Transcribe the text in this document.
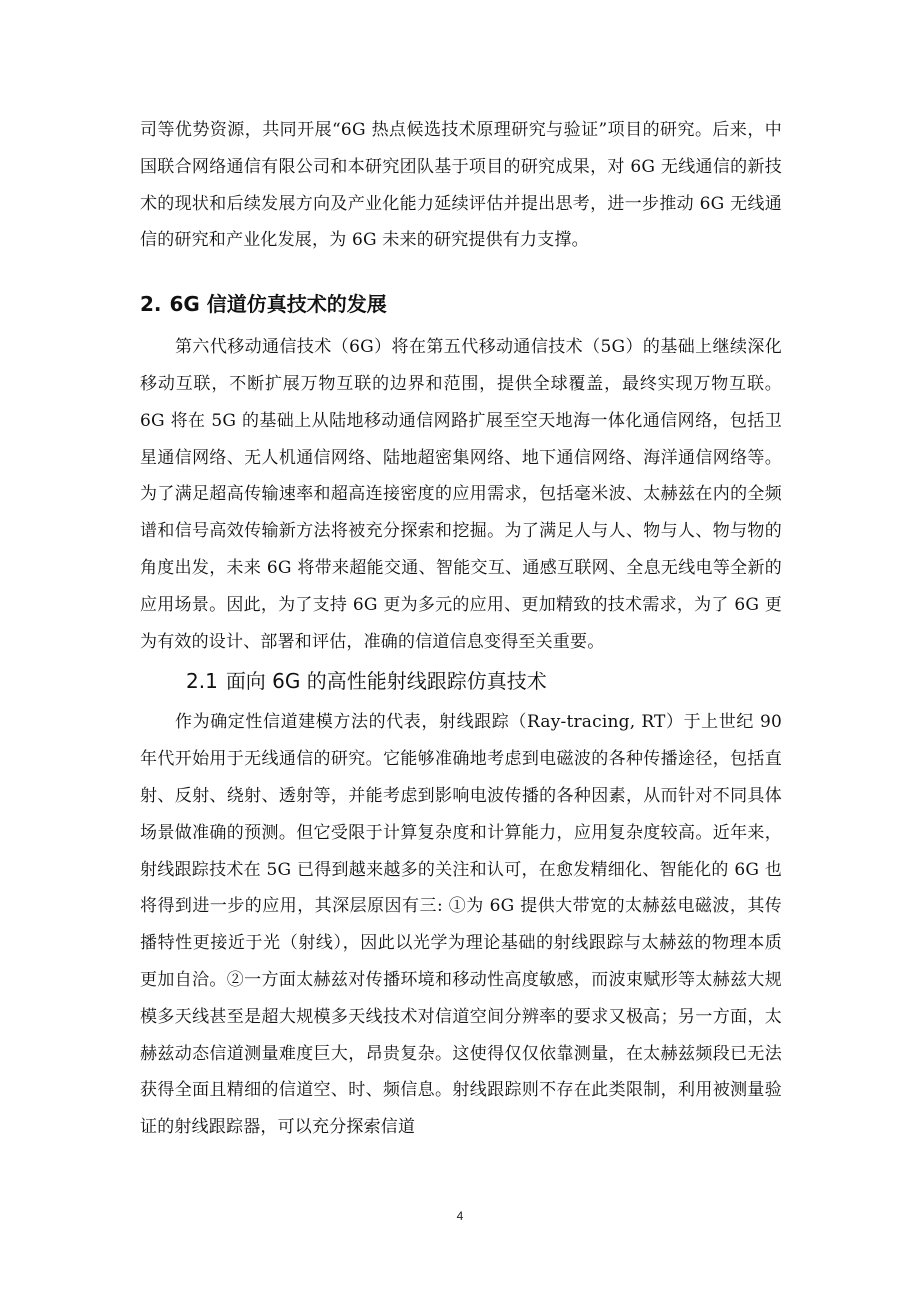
司等优势资源，共同开展“6G 热点候选技术原理研究与验证”项目的研究。后来，中国联合网络通信有限公司和本研究团队基于项目的研究成果，对 6G 无线通信的新技术的现状和后续发展方向及产业化能力延续评估并提出思考，进一步推动 6G 无线通信的研究和产业化发展，为 6G 未来的研究提供有力支撑。

2. 6G 信道仿真技术的发展

第六代移动通信技术（6G）将在第五代移动通信技术（5G）的基础上继续深化移动互联，不断扩展万物互联的边界和范围，提供全球覆盖，最终实现万物互联。6G 将在 5G 的基础上从陆地移动通信网路扩展至空天地海一体化通信网络，包括卫星通信网络、无人机通信网络、陆地超密集网络、地下通信网络、海洋通信网络等。为了满足超高传输速率和超高连接密度的应用需求，包括毫米波、太赫兹在内的全频谱和信号高效传输新方法将被充分探索和挖掘。为了满足人与人、物与人、物与物的角度出发，未来 6G 将带来超能交通、智能交互、通感互联网、全息无线电等全新的应用场景。因此，为了支持 6G 更为多元的应用、更加精致的技术需求，为了 6G 更为有效的设计、部署和评估，准确的信道信息变得至关重要。

2.1 面向 6G 的高性能射线跟踪仿真技术

作为确定性信道建模方法的代表，射线跟踪（Ray-tracing, RT）于上世纪 90 年代开始用于无线通信的研究。它能够准确地考虑到电磁波的各种传播途径，包括直射、反射、绕射、透射等，并能考虑到影响电波传播的各种因素，从而针对不同具体场景做准确的预测。但它受限于计算复杂度和计算能力，应用复杂度较高。近年来，射线跟踪技术在 5G 已得到越来越多的关注和认可，在愈发精细化、智能化的 6G 也将得到进一步的应用，其深层原因有三: ①为 6G 提供大带宽的太赫兹电磁波，其传播特性更接近于光（射线），因此以光学为理论基础的射线跟踪与太赫兹的物理本质更加自洽。②一方面太赫兹对传播环境和移动性高度敏感，而波束赋形等太赫兹大规模多天线甚至是超大规模多天线技术对信道空间分辨率的要求又极高；另一方面，太赫兹动态信道测量难度巨大，昂贵复杂。这使得仅仅依靠测量，在太赫兹频段已无法获得全面且精细的信道空、时、频信息。射线跟踪则不存在此类限制，利用被测量验证的射线跟踪器，可以充分探索信道

4
